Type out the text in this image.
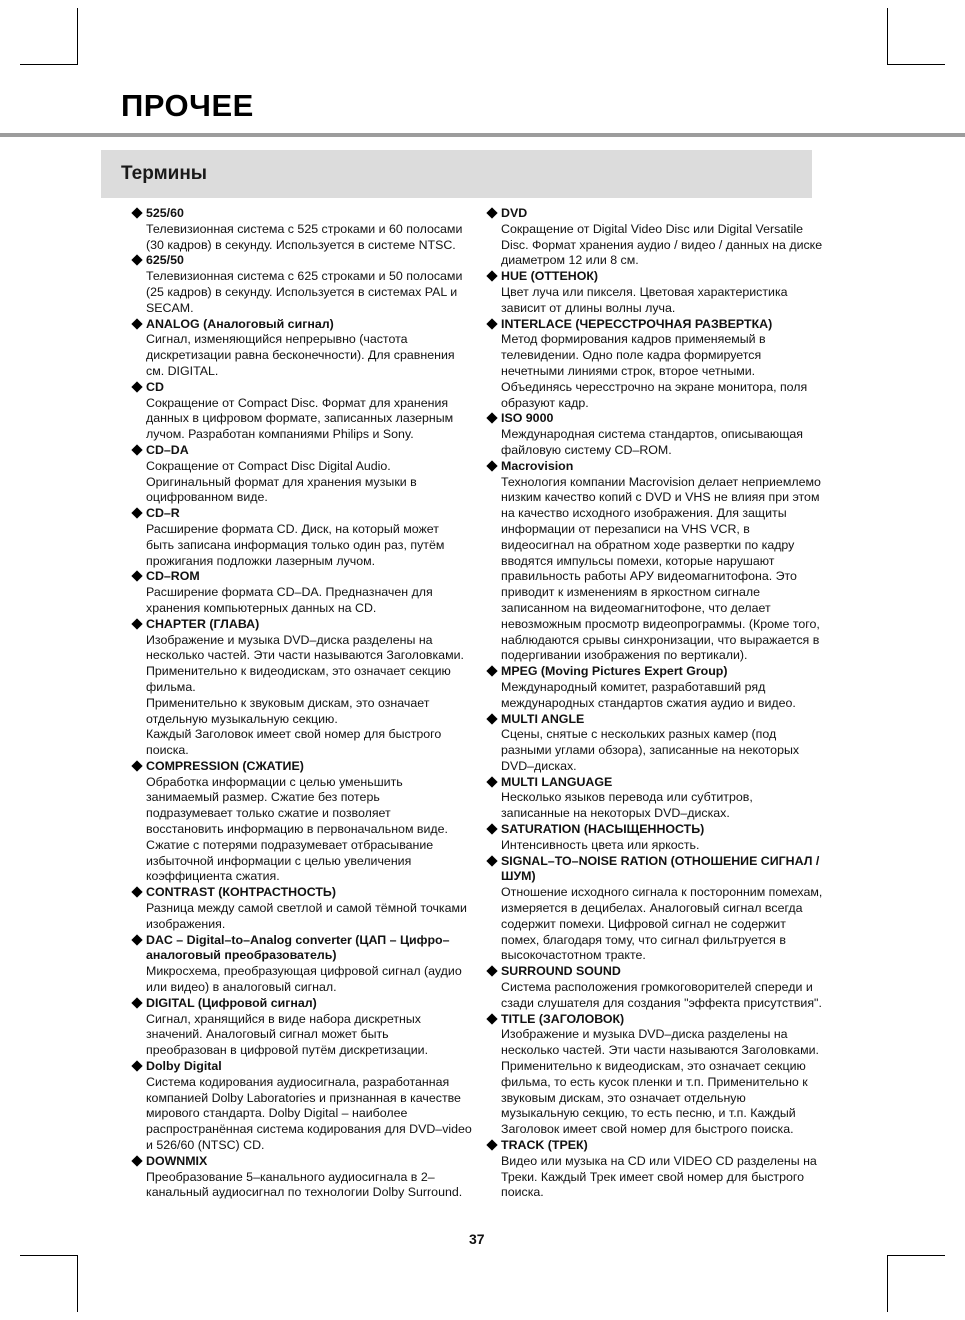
ПРОЧЕЕ
Термины
525/60
Телевизионная система с 525 строками и 60 полосами
(30 кадров) в секунду. Используется в системе NTSC.
625/50
Телевизионная система с 625 строками и 50 полосами
(25 кадров) в секунду. Используется в системах PAL и
SECAM.
ANALOG (Аналоговый сигнал)
Сигнал, изменяющийся непрерывно (частота
дискретизации равна бесконечности). Для сравнения
см. DIGITAL.
CD
Сокращение от Compact Disc. Формат для хранения
данных в цифровом формате, записанных лазерным
лучом. Разработан компаниями Philips и Sony.
CD–DA
Сокращение от Compact Disc Digital Audio.
Оригинальный формат для хранения музыки в
оцифрованном виде.
CD–R
Расширение формата CD. Диск, на который может
быть записана информация только один раз, путём
прожигания подложки лазерным лучом.
CD–ROM
Расширение формата CD–DA. Предназначен для
хранения компьютерных данных на CD.
CHAPTER (ГЛАВА)
Изображение и музыка DVD–диска разделены на
несколько частей. Эти части называются Заголовками.
Применительно к видеодискам, это означает секцию
фильма.
Применительно к звуковым дискам, это означает
отдельную музыкальную секцию.
Каждый Заголовок имеет свой номер для быстрого
поиска.
COMPRESSION (СЖАТИЕ)
Обработка информации с целью уменьшить
занимаемый размер. Сжатие без потерь
подразумевает только сжатие и позволяет
восстановить информацию в первоначальном виде.
Сжатие с потерями подразумевает отбрасывание
избыточной информации с целью увеличения
коэффициента сжатия.
CONTRAST (КОНТРАСТНОСТЬ)
Разница между самой светлой и самой тёмной точками
изображения.
DAC – Digital–to–Analog converter (ЦАП – Цифро–
аналоговый преобразователь)
Микросхема, преобразующая цифровой сигнал (аудио
или видео) в аналоговый сигнал.
DIGITAL (Цифровой сигнал)
Сигнал, хранящийся в виде набора дискретных
значений. Аналоговый сигнал может быть
преобразован в цифровой путём дискретизации.
Dolby Digital
Система кодирования аудиосигнала, разработанная
компанией Dolby Laboratories и признанная в качестве
мирового стандарта. Dolby Digital – наиболее
распространённая система кодирования для DVD–video
и 526/60 (NTSC) CD.
DOWNMIX
Преобразование 5–канального аудиосигнала в 2–
канальный аудиосигнал по технологии Dolby Surround.
DVD
Сокращение от Digital Video Disc или Digital Versatile
Disc. Формат хранения аудио / видео / данных на диске
диаметром 12 или 8 см.
HUE (ОТТЕНОК)
Цвет луча или пикселя. Цветовая характеристика
зависит от длины волны луча.
INTERLACE (ЧЕРЕССТРОЧНАЯ РАЗВЕРТКА)
Метод формирования кадров применяемый в
телевидении. Одно поле кадра формируется
нечетными линиями строк, второе четными.
Объединясь чересстрочно на экране монитора, поля
образуют кадр.
ISO 9000
Международная система стандартов, описывающая
файловую систему CD–ROM.
Macrovision
Технология компании Macrovision делает неприемлемо
низким качество копий с DVD и VHS не влияя при этом
на качество исходного изображения. Для защиты
информации от перезаписи на VHS VCR, в
видеосигнал на обратном ходе развертки по кадру
вводятся импульсы помехи, которые нарушают
правильность работы АРУ видеомагнитофона. Это
приводит к изменениям в яркостном сигнале
записанном на видеомагнитофоне, что делает
невозможным просмотр видеопрограммы. (Кроме того,
наблюдаются срывы синхронизации, что выражается в
подергивании изображения по вертикали).
MPEG (Moving Pictures Expert Group)
Международный комитет, разработавший ряд
международных стандартов сжатия аудио и видео.
MULTI ANGLE
Сцены, снятые с нескольких разных камер (под
разными углами обзора), записанные на некоторых
DVD–дисках.
MULTI LANGUAGE
Несколько языков перевода или субтитров,
записанные на некоторых DVD–дисках.
SATURATION (НАСЫЩЕННОСТЬ)
Интенсивность цвета или яркость.
SIGNAL–TO–NOISE RATION (ОТНОШЕНИЕ СИГНАЛ /
ШУМ)
Отношение исходного сигнала к посторонним помехам,
измеряется в децибелах. Аналоговый сигнал всегда
содержит помехи. Цифровой сигнал не содержит
помех, благодаря тому, что сигнал фильтруется в
высокочастотном тракте.
SURROUND SOUND
Система расположения громкоговорителей спереди и
сзади слушателя для создания "эффекта присутствия".
TITLE (ЗАГОЛОВОК)
Изображение и музыка DVD–диска разделены на
несколько частей. Эти части называются Заголовками.
Применительно к видеодискам, это означает секцию
фильма, то есть кусок пленки и т.п. Применительно к
звуковым дискам, это означает отдельную
музыкальную секцию, то есть песню, и т.п. Каждый
Заголовок имеет свой номер для быстрого поиска.
TRACK (ТРЕК)
Видео или музыка на CD или VIDEO CD разделены на
Треки. Каждый Трек имеет свой номер для быстрого
поиска.
37
